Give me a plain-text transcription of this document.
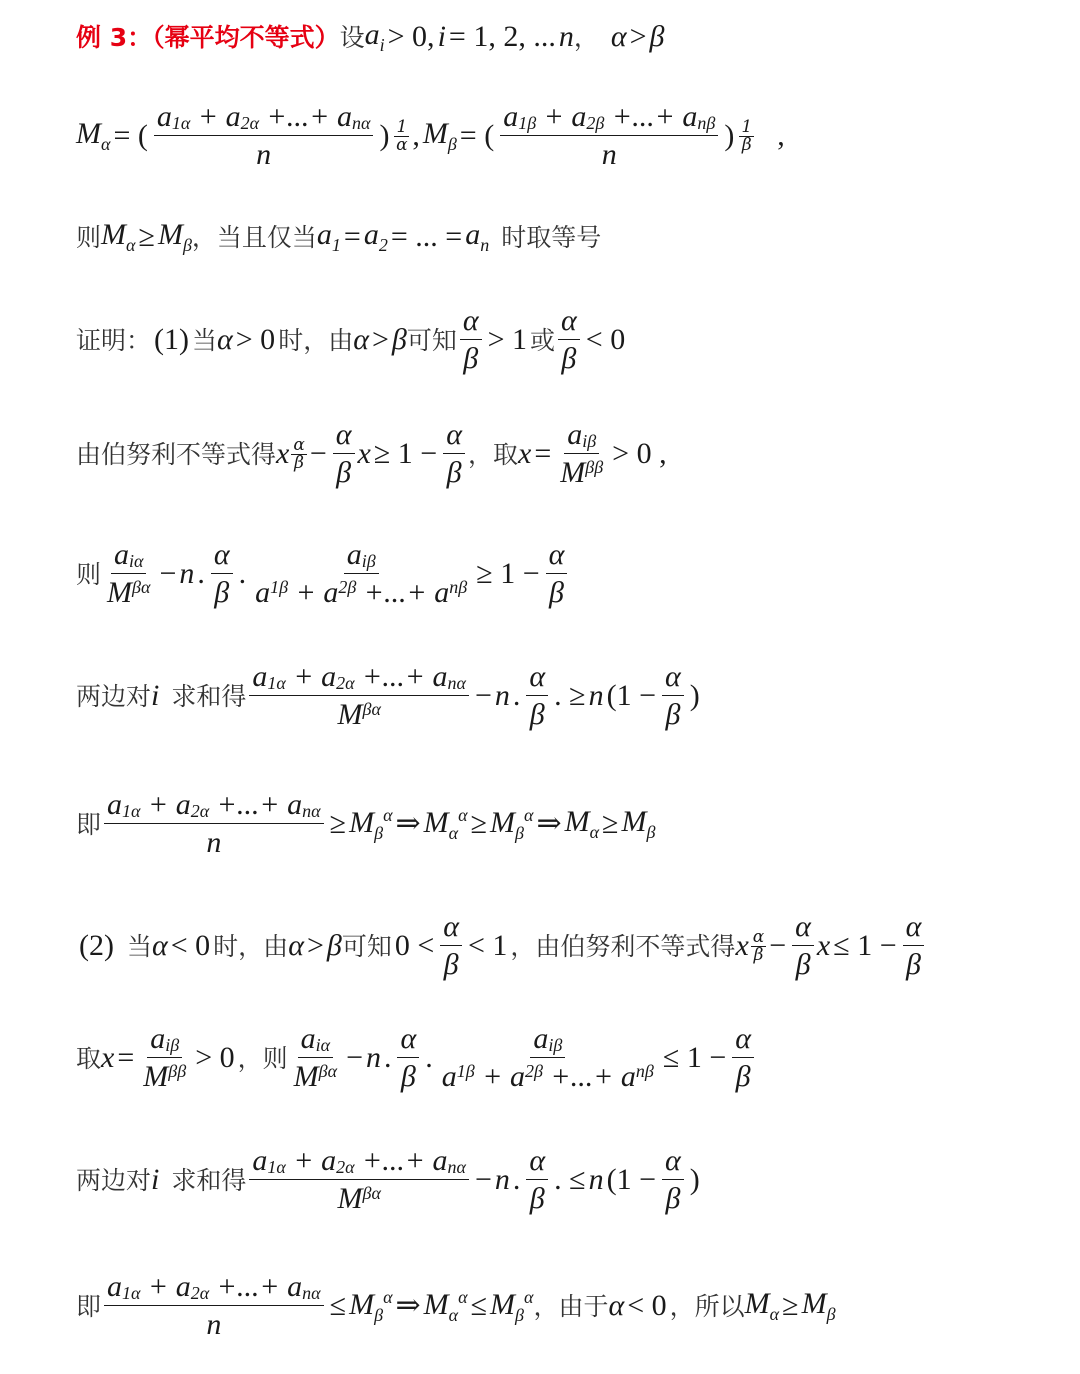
例 3：（幂平均不等式） 设 $a_i > 0$, i = 1, 2, ... n ， α > β
$M_\alpha$ = ( $\frac{\text{a 1 α + a 2 α +...+ a n α}}{n}$ ) 1
α , $M_\beta$ = ( $\frac{\text{a 1 β + a 2 β +...+ a n β}}{n}$ ) 1
β ,
则 $M_\alpha \ge M_\beta$ ，当且仅当 $a_1 = a_2$ = ... = $a_n$ 时取等号
证明： (1) 当 α > 0 时，由 α > β 可知 $\frac{\alpha}{\beta} > 1$ 或 $\frac{\alpha}{\beta} < 0$
由伯努利不等式得 x α
$\beta - \frac{\alpha}{\beta}$ $x \ge 1 - \frac{\alpha}{\beta}$ ，取 $x = \frac{\text{a i β}}{\text{M β β}} > 0$ ,
则 $\frac{\text{a i α}}{\text{M β α}} - n$ . $\frac{\alpha}{\beta}$ . $\frac{\text{a i β}}{\text{a 1 β + a 2 β +...+ a n β}} \ge 1 - \frac{\alpha}{\beta}$
两边对 i 求和得 $\frac{\text{a 1 α + a 2 α +...+ a n α}}{\text{M β α}} - n$ . $\frac{\alpha}{\beta}$ . ≥ n ($1 - \frac{\alpha}{\beta}$ )
即 $\frac{\text{a 1 α + a 2 α +...+ a n α}}{n} \ge M_\beta^\alpha$ ⇒ $M_\alpha^\alpha \ge M_\beta^\alpha$ ⇒ $M_\alpha \ge M_\beta$
(2) 当 α < 0 时，由 α > β 可知 $0 < \frac{\alpha}{\beta} < 1$ ，由伯努利不等式得 x α
$\beta - \frac{\alpha}{\beta}$ $x \le 1 - \frac{\alpha}{\beta}$
取 $x = \frac{\text{a i β}}{\text{M β β}} > 0$ ，则 $\frac{\text{a i α}}{\text{M β α}} - n$ . $\frac{\alpha}{\beta}$ . $\frac{\text{a i β}}{\text{a 1 β + a 2 β +...+ a n β}} \le 1 - \frac{\alpha}{\beta}$
两边对 i 求和得 $\frac{\text{a 1 α + a 2 α +...+ a n α}}{\text{M β α}} - n$ . $\frac{\alpha}{\beta}$ . ≤ n ($1 - \frac{\alpha}{\beta}$ )
即 $\frac{\text{a 1 α + a 2 α +...+ a n α}}{n} \le M_\beta^\alpha$ ⇒ $M_\alpha^\alpha \le M_\beta^\alpha$ ，由于 α < 0 ，所以 $M_\alpha \ge M_\beta$
